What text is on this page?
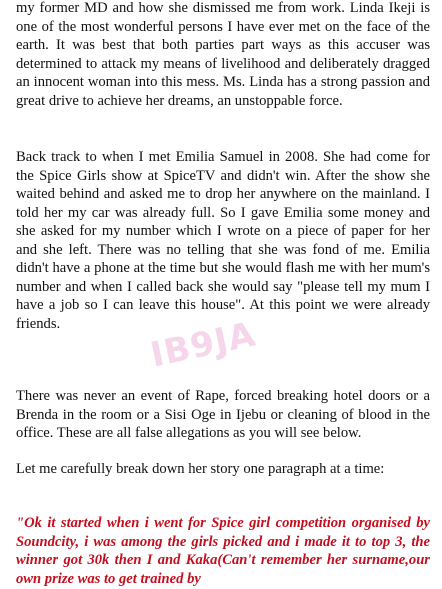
my former MD and how she dismissed me from work. Linda Ikeji is one of the most wonderful persons I have ever met on the face of the earth. It was best that both parties part ways as this accuser was determined to attack my means of livelihood and deliberately dragged an innocent woman into this mess. Ms. Linda has a strong passion and great drive to achieve her dreams, an unstoppable force.

Back track to when I met Emilia Samuel in 2008. She had come for the Spice Girls show at SpiceTV and didn't win. After the show she waited behind and asked me to drop her anywhere on the mainland. I told her my car was already full. So I gave Emilia some money and she asked for my number which I wrote on a piece of paper for her and she left. There was no telling that she was fond of me. Emilia didn't have a phone at the time but she would flash me with her mum's number and when I called back she would say "please tell my mum I have a job so I can leave this house". At this point we were already friends.

There was never an event of Rape, forced breaking hotel doors or a Brenda in the room or a Sisi Oge in Ijebu or cleaning of blood in the office. These are all false allegations as you will see below.

Let me carefully break down her story one paragraph at a time:

"Ok it started when i went for Spice girl competition organised by Soundcity, i was among the girls picked and i made it to top 3, the winner got 30k then I and Kaka(Can't remember her surname,our own prize was to get trained by

IB9JA
